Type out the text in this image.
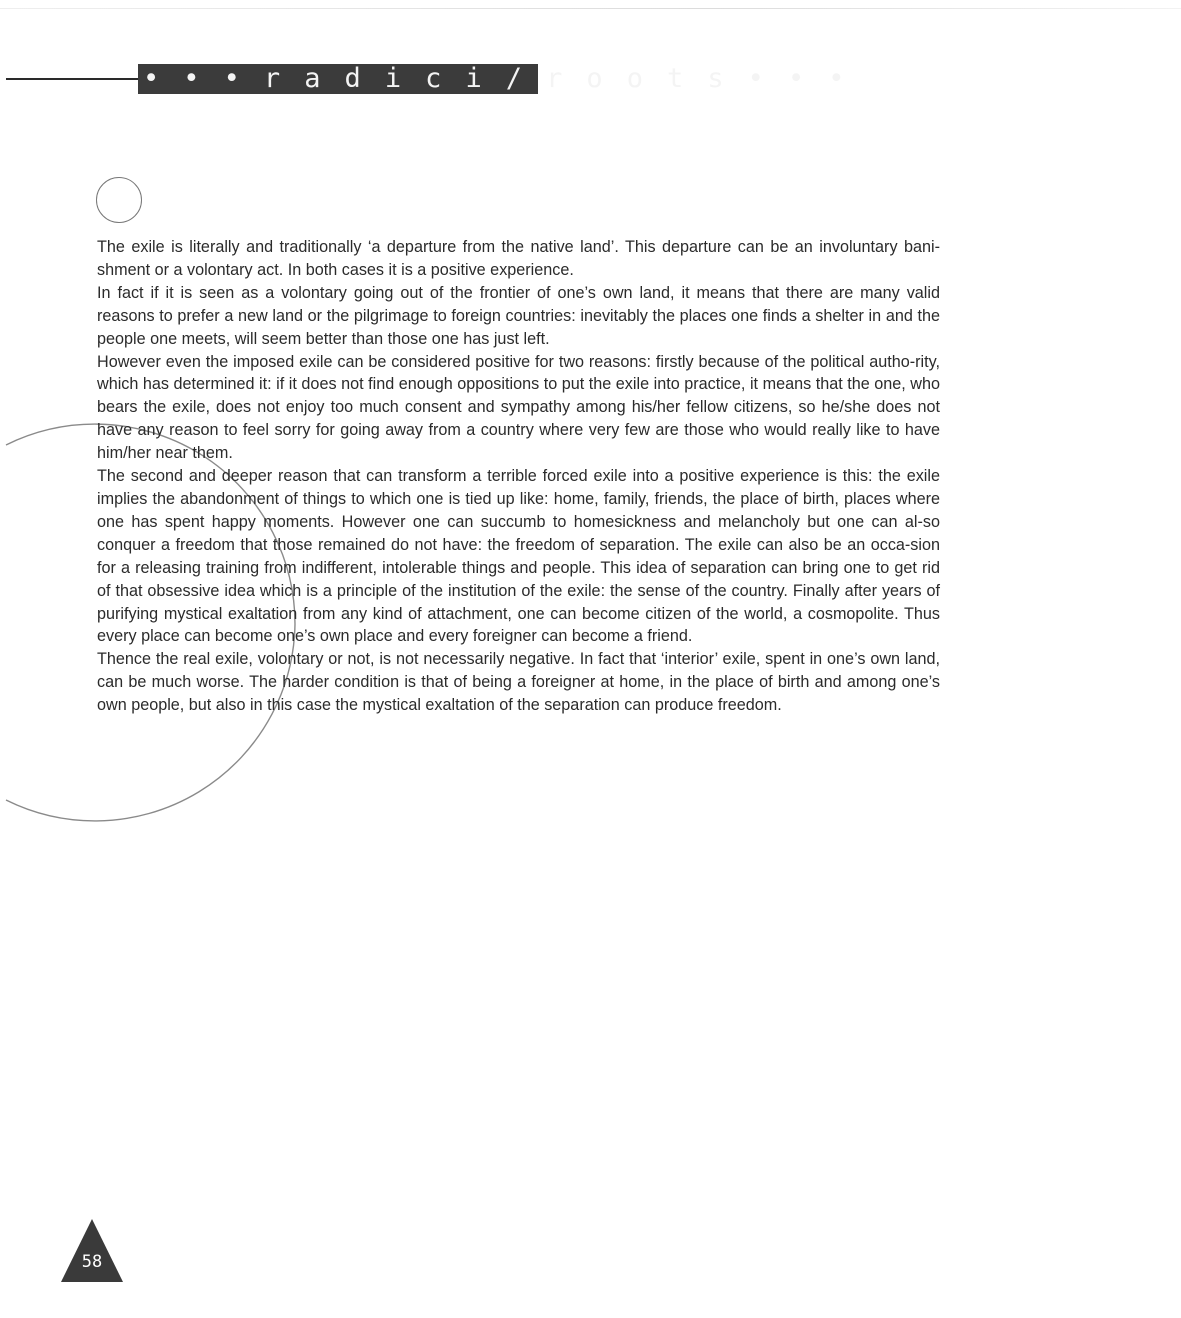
• • • r a d i c i / r o o t s • • •

The exile is literally and traditionally ‘a departure from the native land’. This departure can be an involuntary bani-shment or a volontary act. In both cases it is a positive experience.

In fact if it is seen as a volontary going out of the frontier of one’s own land, it means that there are many valid reasons to prefer a new land or the pilgrimage to foreign countries: inevitably the places one finds a shelter in and the people one meets, will seem better than those one has just left.

However even the imposed exile can be considered positive for two reasons: firstly because of the political autho-rity, which has determined it: if it does not find enough oppositions to put the exile into practice, it means that the one, who bears the exile, does not enjoy too much consent and sympathy among his/her fellow citizens, so he/she does not have any reason to feel sorry for going away from a country where very few are those who would really like to have him/her near them.

The second and deeper reason that can transform a terrible forced exile into a positive experience is this: the exile implies the abandonment of things to which one is tied up like: home, family, friends, the place of birth, places where one has spent happy moments. However one can succumb to homesickness and melancholy but one can al-so conquer a freedom that those remained do not have: the freedom of separation. The exile can also be an occa-sion for a releasing training from indifferent, intolerable things and people. This idea of separation can bring one to get rid of that obsessive idea which is a principle of the institution of the exile: the sense of the country. Finally after years of purifying mystical exaltation from any kind of attachment, one can become citizen of the world, a cosmopolite. Thus every place can become one’s own place and every foreigner can become a friend.

Thence the real exile, volontary or not, is not necessarily negative. In fact that ‘interior’ exile, spent in one’s own land, can be much worse. The harder condition is that of being a foreigner at home, in the place of birth and among one’s own people, but also in this case the mystical exaltation of the separation can produce freedom.

58
